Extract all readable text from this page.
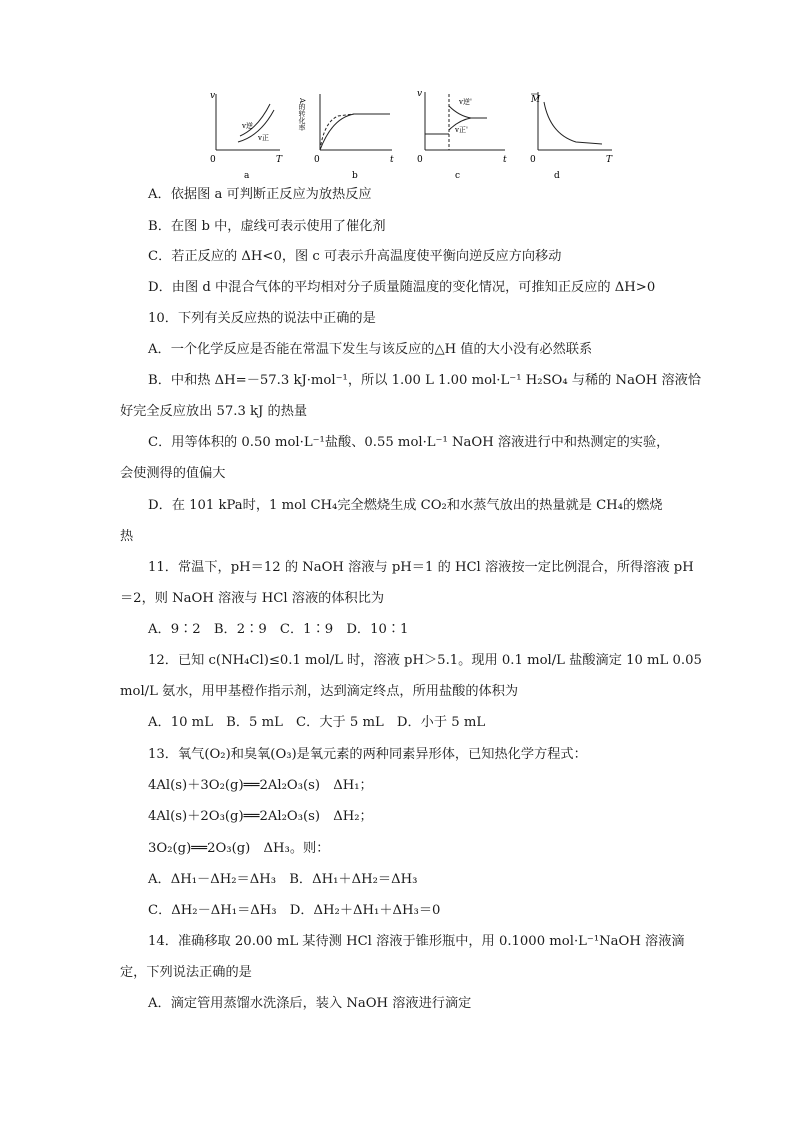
v
0	T
v逆
v正
a
A的转化率
0	t
b
v
0	t
v逆'
v正'
c
M
0	T
d
A．依据图 a 可判断正反应为放热反应
B．在图 b 中，虚线可表示使用了催化剂
C．若正反应的 ΔH<0，图 c 可表示升高温度使平衡向逆反应方向移动
D．由图 d 中混合气体的平均相对分子质量随温度的变化情况，可推知正反应的 ΔH>0
10．下列有关反应热的说法中正确的是
A．一个化学反应是否能在常温下发生与该反应的△H 值的大小没有必然联系
B．中和热 ΔH=－57.3 kJ·mol⁻¹，所以 1.00 L 1.00 mol·L⁻¹ H₂SO₄ 与稀的 NaOH 溶液恰
好完全反应放出 57.3 kJ 的热量
C．用等体积的 0.50 mol·L⁻¹盐酸、0.55 mol·L⁻¹ NaOH 溶液进行中和热测定的实验，
会使测得的值偏大
D．在 101 kPa时，1 mol CH₄完全燃烧生成 CO₂和水蒸气放出的热量就是 CH₄的燃烧
热
11．常温下，pH＝12 的 NaOH 溶液与 pH＝1 的 HCl 溶液按一定比例混合，所得溶液 pH
＝2，则 NaOH 溶液与 HCl 溶液的体积比为
A．9∶2　B．2∶9　C．1∶9　D．10∶1
12．已知 c(NH₄Cl)≤0.1 mol/L 时，溶液 pH＞5.1。现用 0.1 mol/L 盐酸滴定 10 mL 0.05
mol/L 氨水，用甲基橙作指示剂，达到滴定终点，所用盐酸的体积为
A．10 mL　B．5 mL　C．大于 5 mL　D．小于 5 mL
13．氧气(O₂)和臭氧(O₃)是氧元素的两种同素异形体，已知热化学方程式：
4Al(s)＋3O₂(g)══2Al₂O₃(s)　ΔH₁；
4Al(s)＋2O₃(g)══2Al₂O₃(s)　ΔH₂；
3O₂(g)══2O₃(g)　ΔH₃。则：
A．ΔH₁－ΔH₂＝ΔH₃　B．ΔH₁＋ΔH₂＝ΔH₃
C．ΔH₂－ΔH₁＝ΔH₃　D．ΔH₂＋ΔH₁＋ΔH₃＝0
14．准确移取 20.00 mL 某待测 HCl 溶液于锥形瓶中，用 0.1000 mol·L⁻¹NaOH 溶液滴
定，下列说法正确的是
A．滴定管用蒸馏水洗涤后，装入 NaOH 溶液进行滴定
